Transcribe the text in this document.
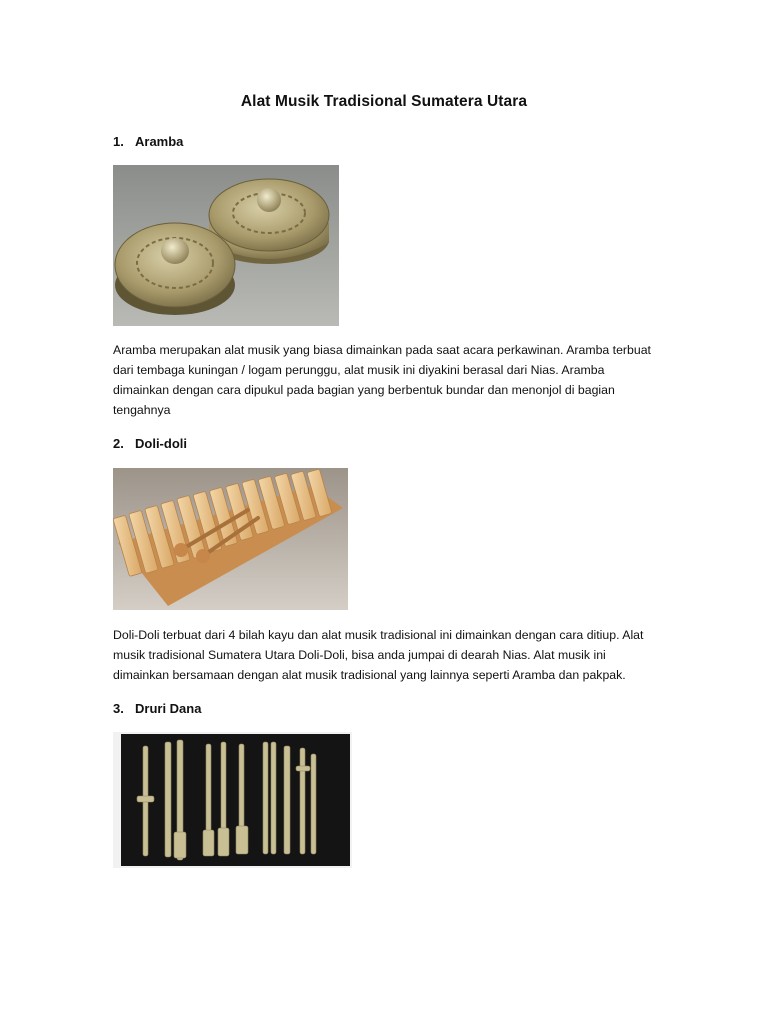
Alat Musik Tradisional Sumatera Utara
1. Aramba
Aramba merupakan alat musik yang biasa dimainkan pada saat acara perkawinan. Aramba terbuat
dari tembaga kuningan / logam perunggu, alat musik ini diyakini berasal dari Nias. Aramba
dimainkan dengan cara dipukul pada bagian yang berbentuk bundar dan menonjol di bagian
tengahnya
2. Doli-doli
Doli-Doli terbuat dari 4 bilah kayu dan alat musik tradisional ini dimainkan dengan cara ditiup. Alat
musik tradisional Sumatera Utara Doli-Doli, bisa anda jumpai di dearah Nias. Alat musik ini
dimainkan bersamaan dengan alat musik tradisional yang lainnya seperti Aramba dan pakpak.
3. Druri Dana
